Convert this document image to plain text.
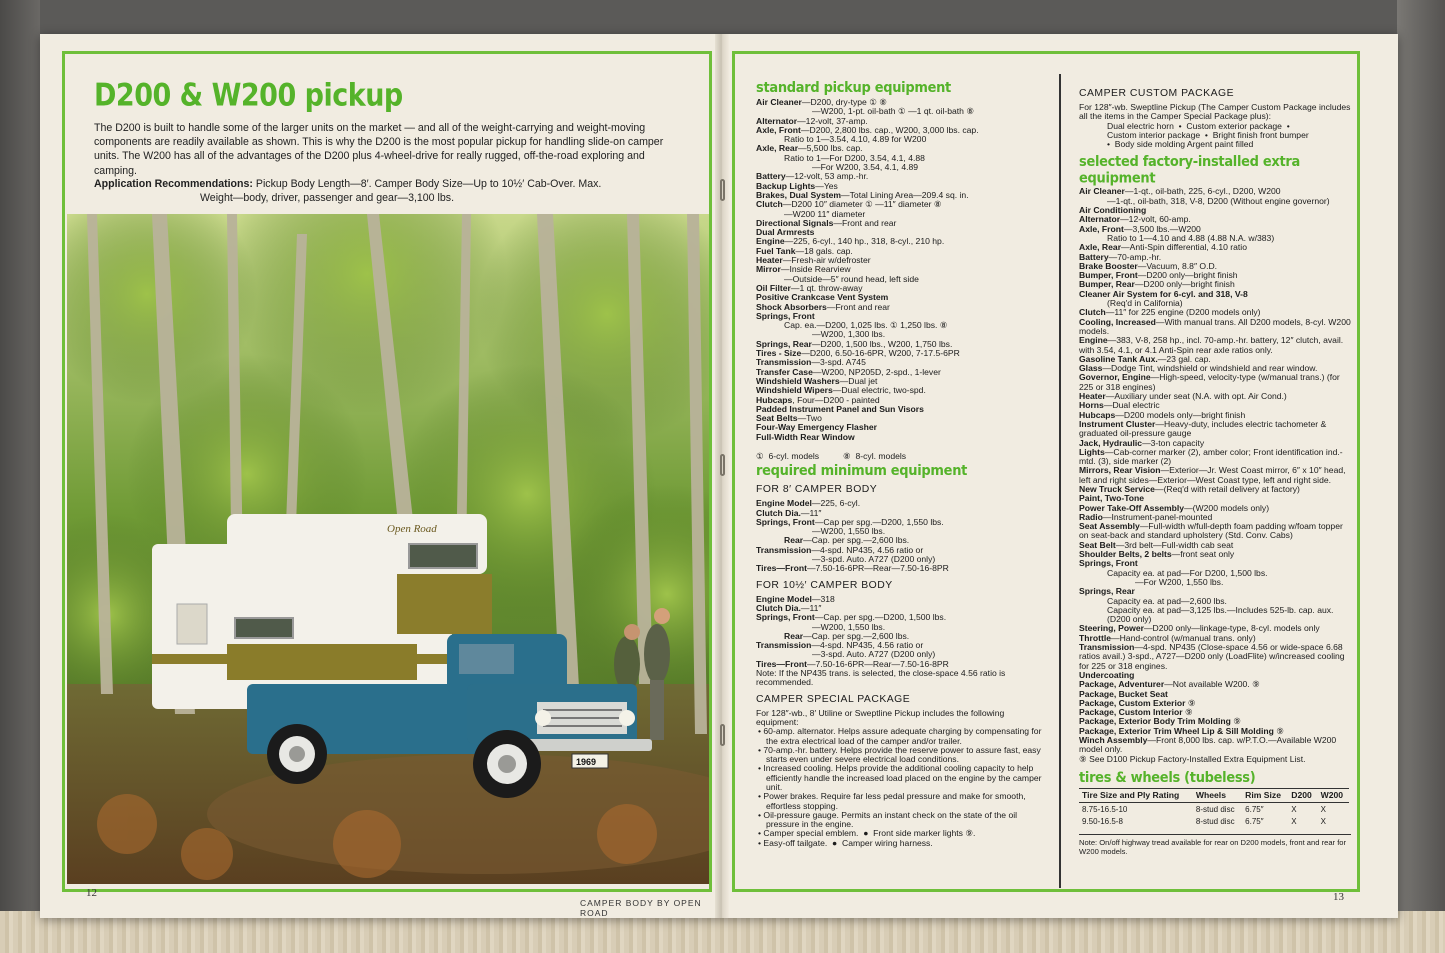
D200 & W200 pickup
The D200 is built to handle some of the larger units on the market — and all of the weight-carrying and weight-moving components are readily available as shown. This is why the D200 is the most popular pickup for handling slide-on camper units. The W200 has all of the advantages of the D200 plus 4-wheel-drive for really rugged, off-the-road exploring and camping.
Application Recommendations: Pickup Body Length—8′. Camper Body Size—Up to 10½′ Cab-Over. Max.
Weight—body, driver, passenger and gear—3,100 lbs.
Open Road
1969
12
CAMPER BODY BY OPEN ROAD
standard pickup equipment
Air Cleaner—D200, dry-type ① ⑧
—W200, 1-pt. oil-bath ① —1 qt. oil-bath ⑧
Alternator—12-volt, 37-amp.
Axle, Front—D200, 2,800 lbs. cap., W200, 3,000 lbs. cap.
Ratio to 1—3.54, 4.10, 4.89 for W200
Axle, Rear—5,500 lbs. cap.
Ratio to 1—For D200, 3.54, 4.1, 4.88
—For W200, 3.54, 4.1, 4.89
Battery—12-volt, 53 amp.-hr.
Backup Lights—Yes
Brakes, Dual System—Total Lining Area—209.4 sq. in.
Clutch—D200 10″ diameter ① —11″ diameter ⑧
—W200 11″ diameter
Directional Signals—Front and rear
Dual Armrests
Engine—225, 6-cyl., 140 hp., 318, 8-cyl., 210 hp.
Fuel Tank—18 gals. cap.
Heater—Fresh-air w/defroster
Mirror—Inside Rearview
—Outside—5″ round head, left side
Oil Filter—1 qt. throw-away
Positive Crankcase Vent System
Shock Absorbers—Front and rear
Springs, Front
Cap. ea.—D200, 1,025 lbs. ① 1,250 lbs. ⑧
—W200, 1,300 lbs.
Springs, Rear—D200, 1,500 lbs., W200, 1,750 lbs.
Tires - Size—D200, 6.50-16-6PR, W200, 7-17.5-6PR
Transmission—3-spd. A745
Transfer Case—W200, NP205D, 2-spd., 1-lever
Windshield Washers—Dual jet
Windshield Wipers—Dual electric, two-spd.
Hubcaps, Four—D200 - painted
Padded Instrument Panel and Sun Visors
Seat Belts—Two
Four-Way Emergency Flasher
Full-Width Rear Window
①  6-cyl. models          ⑧  8-cyl. models
required minimum equipment
FOR 8′ CAMPER BODY
Engine Model—225, 6-cyl.
Clutch Dia.—11″
Springs, Front—Cap per spg.—D200, 1,550 lbs.
—W200, 1,550 lbs.
Rear—Cap. per spg.—2,600 lbs.
Transmission—4-spd. NP435, 4.56 ratio or
—3-spd. Auto. A727 (D200 only)
Tires—Front—7.50-16-6PR—Rear—7.50-16-8PR
FOR 10½′ CAMPER BODY
Engine Model—318
Clutch Dia.—11″
Springs, Front—Cap. per spg.—D200, 1,500 lbs.
—W200, 1,550 lbs.
Rear—Cap. per spg.—2,600 lbs.
Transmission—4-spd. NP435, 4.56 ratio or
—3-spd. Auto. A727 (D200 only)
Tires—Front—7.50-16-6PR—Rear—7.50-16-8PR
Note: If the NP435 trans. is selected, the close-space 4.56 ratio is recommended.
CAMPER SPECIAL PACKAGE
For 128″-wb., 8′ Utiline or Sweptline Pickup includes the following equipment:
• 60-amp. alternator. Helps assure adequate charging by compensating for the extra electrical load of the camper and/or trailer.
• 70-amp.-hr. battery. Helps provide the reserve power to assure fast, easy starts even under severe electrical load conditions.
• Increased cooling. Helps provide the additional cooling capacity to help efficiently handle the increased load placed on the engine by the camper unit.
• Power brakes. Require far less pedal pressure and make for smooth, effortless stopping.
• Oil-pressure gauge. Permits an instant check on the state of the oil pressure in the engine.
• Camper special emblem.  ●  Front side marker lights ⑨.
• Easy-off tailgate.  ●  Camper wiring harness.
CAMPER CUSTOM PACKAGE
For 128″-wb. Sweptline Pickup (The Camper Custom Package includes all the items in the Camper Special Package plus):
Dual electric horn  •  Custom exterior package  •
Custom interior package  •  Bright finish front bumper
•  Body side molding Argent paint filled
selected factory-installed extra equipment
Air Cleaner—1-qt., oil-bath, 225, 6-cyl., D200, W200
—1-qt., oil-bath, 318, V-8, D200 (Without engine governor)
Air Conditioning
Alternator—12-volt, 60-amp.
Axle, Front—3,500 lbs.—W200
Ratio to 1—4.10 and 4.88 (4.88 N.A. w/383)
Axle, Rear—Anti-Spin differential, 4.10 ratio
Battery—70-amp.-hr.
Brake Booster—Vacuum, 8.8″ O.D.
Bumper, Front—D200 only—bright finish
Bumper, Rear—D200 only—bright finish
Cleaner Air System for 6-cyl. and 318, V-8
(Req'd in California)
Clutch—11″ for 225 engine (D200 models only)
Cooling, Increased—With manual trans. All D200 models, 8-cyl. W200 models.
Engine—383, V-8, 258 hp., incl. 70-amp.-hr. battery, 12″ clutch, avail. with 3.54, 4.1, or 4.1 Anti-Spin rear axle ratios only.
Gasoline Tank Aux.—23 gal. cap.
Glass—Dodge Tint, windshield or windshield and rear window.
Governor, Engine—High-speed, velocity-type (w/manual trans.) (for 225 or 318 engines)
Heater—Auxiliary under seat (N.A. with opt. Air Cond.)
Horns—Dual electric
Hubcaps—D200 models only—bright finish
Instrument Cluster—Heavy-duty, includes electric tachometer & graduated oil-pressure gauge
Jack, Hydraulic—3-ton capacity
Lights—Cab-corner marker (2), amber color; Front identification ind.-mtd. (3), side marker (2)
Mirrors, Rear Vision—Exterior—Jr. West Coast mirror, 6″ x 10″ head, left and right sides—Exterior—West Coast type, left and right side.
New Truck Service—(Req'd with retail delivery at factory)
Paint, Two-Tone
Power Take-Off Assembly—(W200 models only)
Radio—Instrument-panel-mounted
Seat Assembly—Full-width w/full-depth foam padding w/foam topper on seat-back and standard upholstery (Std. Conv. Cabs)
Seat Belt—3rd belt—Full-width cab seat
Shoulder Belts, 2 belts—front seat only
Springs, Front
Capacity ea. at pad—For D200, 1,500 lbs.
—For W200, 1,550 lbs.
Springs, Rear
Capacity ea. at pad—2,600 lbs.
Capacity ea. at pad—3,125 lbs.—Includes 525-lb. cap. aux. (D200 only)
Steering, Power—D200 only—linkage-type, 8-cyl. models only
Throttle—Hand-control (w/manual trans. only)
Transmission—4-spd. NP435 (Close-space 4.56 or wide-space 6.68 ratios avail.) 3-spd., A727—D200 only (LoadFlite) w/increased cooling for 225 or 318 engines.
Undercoating
Package, Adventurer—Not available W200. ⑨
Package, Bucket Seat
Package, Custom Exterior ⑨
Package, Custom Interior ⑨
Package, Exterior Body Trim Molding ⑨
Package, Exterior Trim Wheel Lip & Sill Molding ⑨
Winch Assembly—Front 8,000 lbs. cap. w/P.T.O.—Available W200 model only.
⑨ See D100 Pickup Factory-Installed Extra Equipment List.
tires & wheels (tubeless)
Tire Size and Ply Rating	Wheels	Rim Size	D200	W200
8.75-16.5-10	8-stud disc	6.75″	X	X
9.50-16.5-8	8-stud disc	6.75″	X	X
Note: On/off highway tread available for rear on D200 models, front and rear for W200 models.
13
